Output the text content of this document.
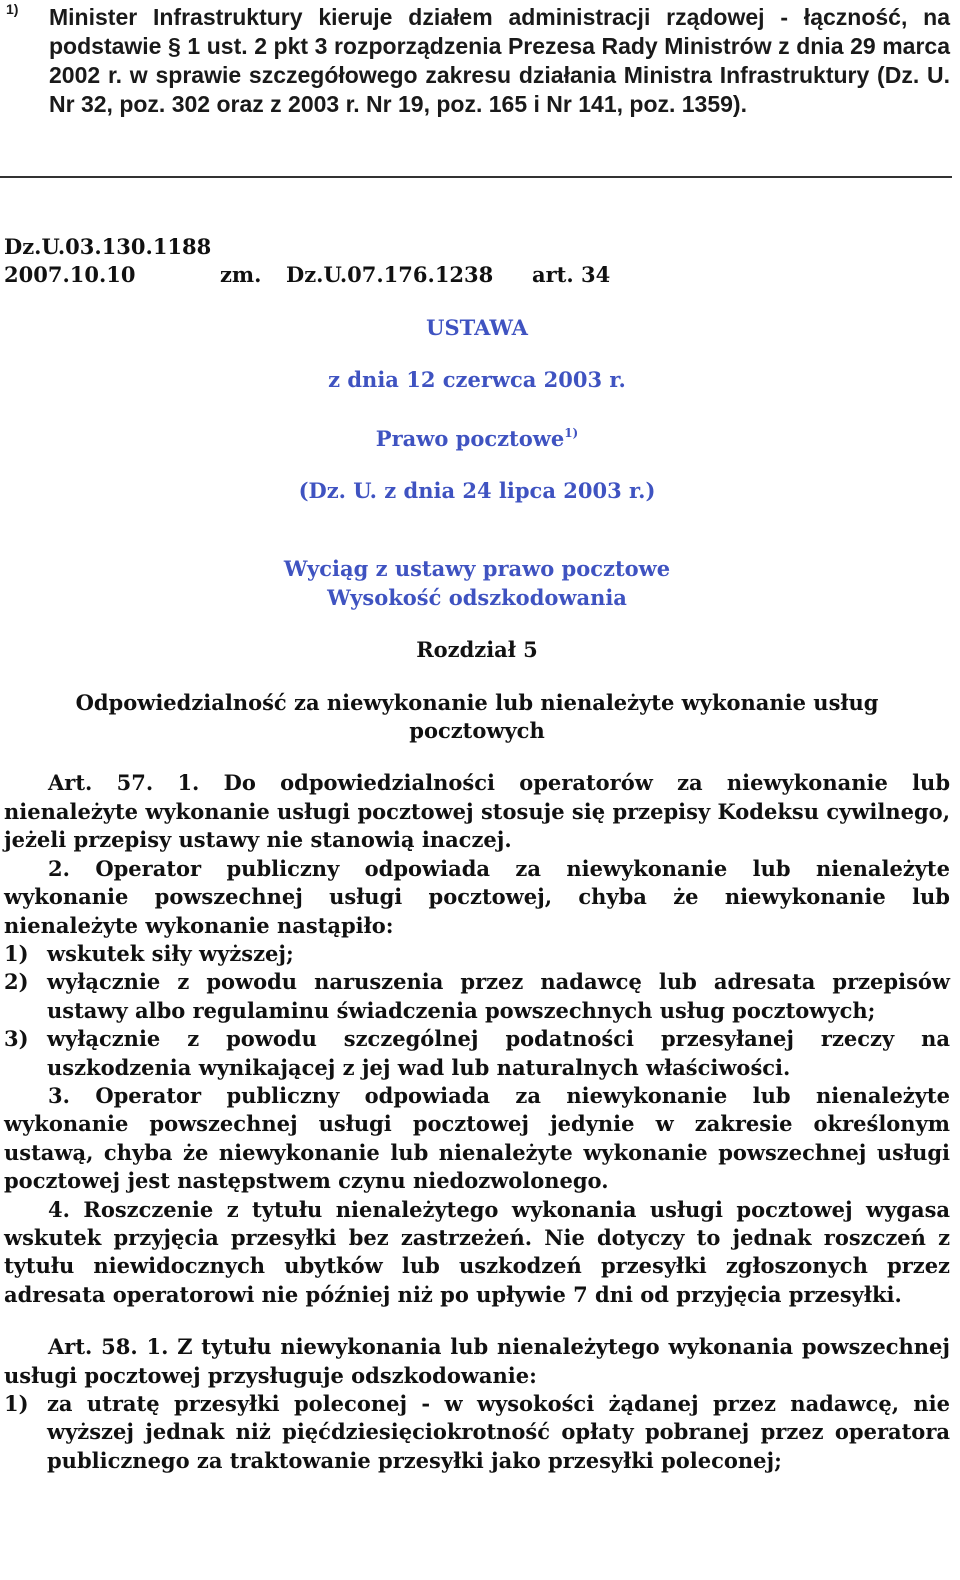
1) Minister Infrastruktury kieruje działem administracji rządowej - łączność, na podstawie § 1 ust. 2 pkt 3 rozporządzenia Prezesa Rady Ministrów z dnia 29 marca 2002 r. w sprawie szczegółowego zakresu działania Ministra Infrastruktury (Dz. U. Nr 32, poz. 302 oraz z 2003 r. Nr 19, poz. 165 i Nr 141, poz. 1359).
Dz.U.03.130.1188
2007.10.10	zm. Dz.U.07.176.1238 art. 34
USTAWA
z dnia 12 czerwca 2003 r.
Prawo pocztowe$^{1)}$
(Dz. U. z dnia 24 lipca 2003 r.)
Wyciąg z ustawy prawo pocztowe
Wysokość odszkodowania
Rozdział 5
Odpowiedzialność za niewykonanie lub nienależyte wykonanie usług pocztowych
Art. 57. 1. Do odpowiedzialności operatorów za niewykonanie lub nienależyte wykonanie usługi pocztowej stosuje się przepisy Kodeksu cywilnego, jeżeli przepisy ustawy nie stanowią inaczej.
2. Operator publiczny odpowiada za niewykonanie lub nienależyte wykonanie powszechnej usługi pocztowej, chyba że niewykonanie lub nienależyte wykonanie nastąpiło:
1) wskutek siły wyższej;
2) wyłącznie z powodu naruszenia przez nadawcę lub adresata przepisów ustawy albo regulaminu świadczenia powszechnych usług pocztowych;
3) wyłącznie z powodu szczególnej podatności przesyłanej rzeczy na uszkodzenia wynikającej z jej wad lub naturalnych właściwości.
3. Operator publiczny odpowiada za niewykonanie lub nienależyte wykonanie powszechnej usługi pocztowej jedynie w zakresie określonym ustawą, chyba że niewykonanie lub nienależyte wykonanie powszechnej usługi pocztowej jest następstwem czynu niedozwolonego.
4. Roszczenie z tytułu nienależytego wykonania usługi pocztowej wygasa wskutek przyjęcia przesyłki bez zastrzeżeń. Nie dotyczy to jednak roszczeń z tytułu niewidocznych ubytków lub uszkodzeń przesyłki zgłoszonych przez adresata operatorowi nie później niż po upływie 7 dni od przyjęcia przesyłki.
Art. 58. 1. Z tytułu niewykonania lub nienależytego wykonania powszechnej usługi pocztowej przysługuje odszkodowanie:
1) za utratę przesyłki poleconej - w wysokości żądanej przez nadawcę, nie wyższej jednak niż pięćdziesięciokrotność opłaty pobranej przez operatora publicznego za traktowanie przesyłki jako przesyłki poleconej;
